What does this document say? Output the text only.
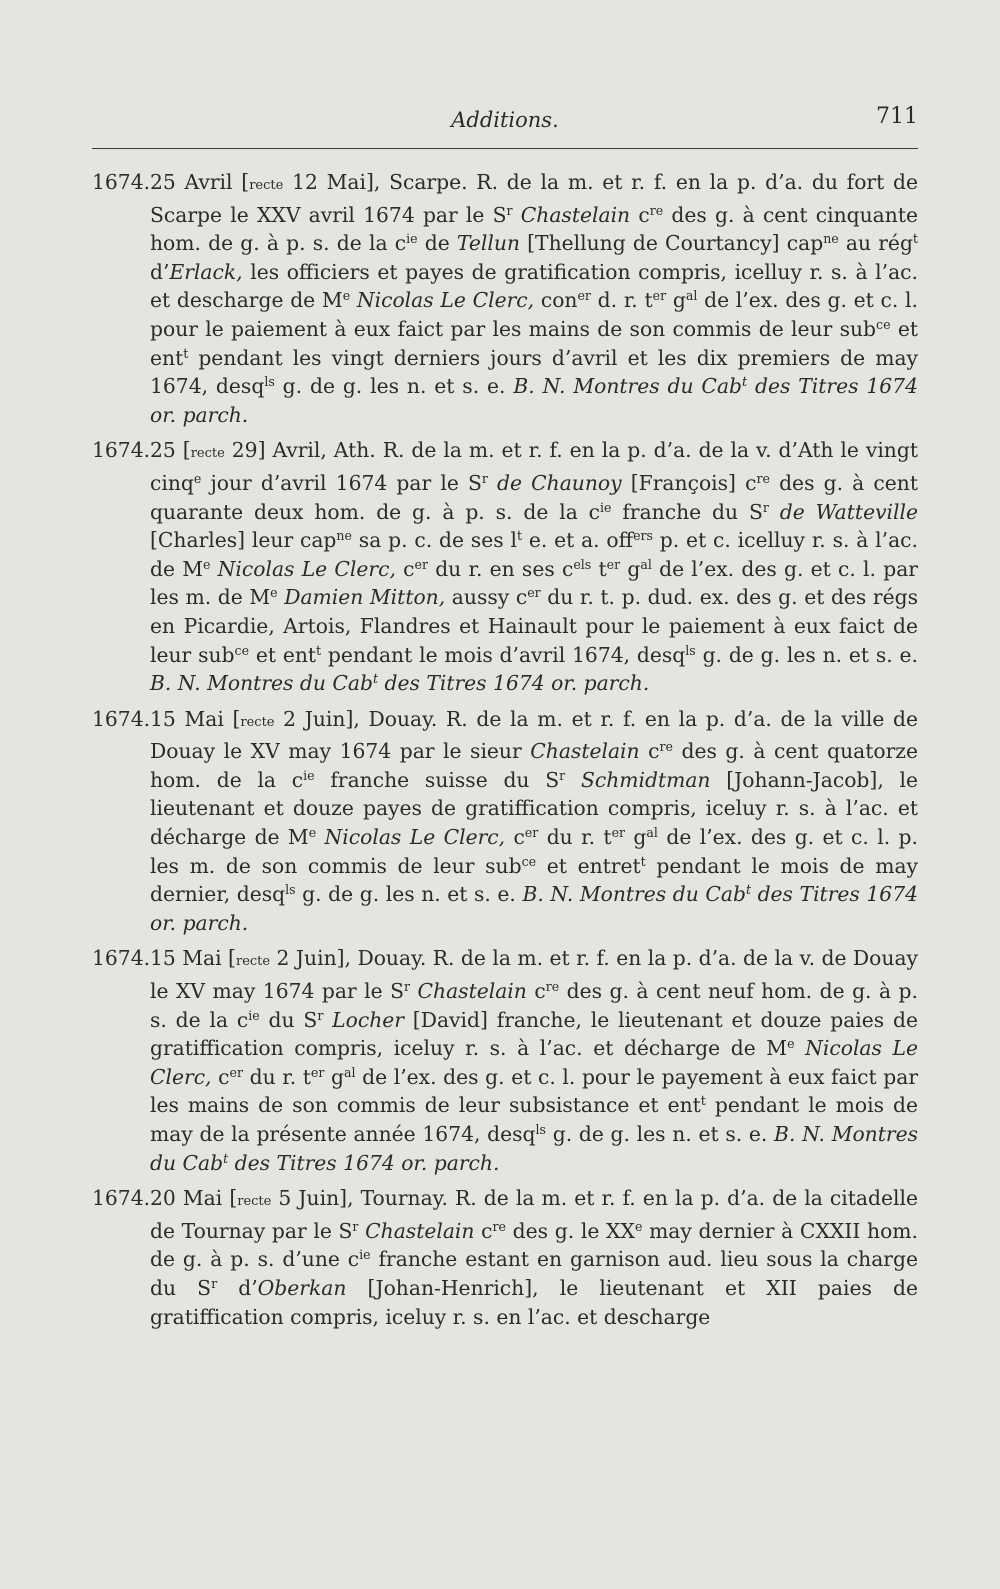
Additions.	711
1674. 25 Avril [recte 12 Mai], Scarpe. R. de la m. et r. f. en la p. d’a. du fort de Scarpe le XXV avril 1674 par le $S^r$ Chastelain $c^{re}$ des g. à cent cinquante hom. de g. à p. s. de la $c^{ie}$ de Tellun [Thellung de Courtancy] cap$^{ne}$ au rég$^t$ d’Erlack, les officiers et payes de gratification compris, icelluy r. s. à l’ac. et descharge de Me Nicolas Le Clerc, con$^{er}$ d. r. $t^{er}$ $g^{al}$ de l’ex. des g. et c. l. pour le paiement à eux faict par les mains de son commis de leur sub$^{ce}$ et ent$^t$ pendant les vingt derniers jours d’avril et les dix premiers de may 1674, desq$^{ls}$ g. de g. les n. et s. e. B. N. Montres du Cab$^t$ des Titres 1674 or. parch.

1674. 25 [recte 29] Avril, Ath. R. de la m. et r. f. en la p. d’a. de la v. d’Ath le vingt cinq$^e$ jour d’avril 1674 par le $S^r$ de Chaunoy [François] $c^{re}$ des g. à cent quarante deux hom. de g. à p. s. de la $c^{ie}$ franche du $S^r$ de Watteville [Charles] leur cap$^{ne}$ sa p. c. de ses $l^t$ e. et a. off$^{ers}$ p. et c. icelluy r. s. à l’ac. de Me Nicolas Le Clerc, $c^{er}$ du r. en ses $c^{els}$ $t^{er}$ $g^{al}$ de l’ex. des g. et c. l. par les m. de Me Damien Mitton, aussy $c^{er}$ du r. t. p. dud. ex. des g. et des régs en Picardie, Artois, Flandres et Hainault pour le paiement à eux faict de leur sub$^{ce}$ et ent$^t$ pendant le mois d’avril 1674, desq$^{ls}$ g. de g. les n. et s. e. B. N. Montres du Cab$^t$ des Titres 1674 or. parch.

1674. 15 Mai [recte 2 Juin], Douay. R. de la m. et r. f. en la p. d’a. de la ville de Douay le XV may 1674 par le sieur Chastelain $c^{re}$ des g. à cent quatorze hom. de la $c^{ie}$ franche suisse du $S^r$ Schmidtman [Johann-Jacob], le lieutenant et douze payes de gratiffication compris, iceluy r. s. à l’ac. et décharge de Me Nicolas Le Clerc, $c^{er}$ du r. $t^{er}$ $g^{al}$ de l’ex. des g. et c. l. p. les m. de son commis de leur sub$^{ce}$ et entret$^t$ pendant le mois de may dernier, desq$^{ls}$ g. de g. les n. et s. e. B. N. Montres du Cab$^t$ des Titres 1674 or. parch.

1674. 15 Mai [recte 2 Juin], Douay. R. de la m. et r. f. en la p. d’a. de la v. de Douay le XV may 1674 par le $S^r$ Chastelain $c^{re}$ des g. à cent neuf hom. de g. à p. s. de la $c^{ie}$ du $S^r$ Locher [David] franche, le lieutenant et douze paies de gratiffication compris, iceluy r. s. à l’ac. et décharge de Me Nicolas Le Clerc, $c^{er}$ du r. $t^{er}$ $g^{al}$ de l’ex. des g. et c. l. pour le payement à eux faict par les mains de son commis de leur subsistance et ent$^t$ pendant le mois de may de la présente année 1674, desq$^{ls}$ g. de g. les n. et s. e. B. N. Montres du Cab$^t$ des Titres 1674 or. parch.

1674. 20 Mai [recte 5 Juin], Tournay. R. de la m. et r. f. en la p. d’a. de la citadelle de Tournay par le $S^r$ Chastelain $c^{re}$ des g. le XXe may dernier à CXXII hom. de g. à p. s. d’une $c^{ie}$ franche estant en garnison aud. lieu sous la charge du $S^r$ d’Oberkan [Johan-Henrich], le lieutenant et XII paies de gratiffication compris, iceluy r. s. en l’ac. et descharge
